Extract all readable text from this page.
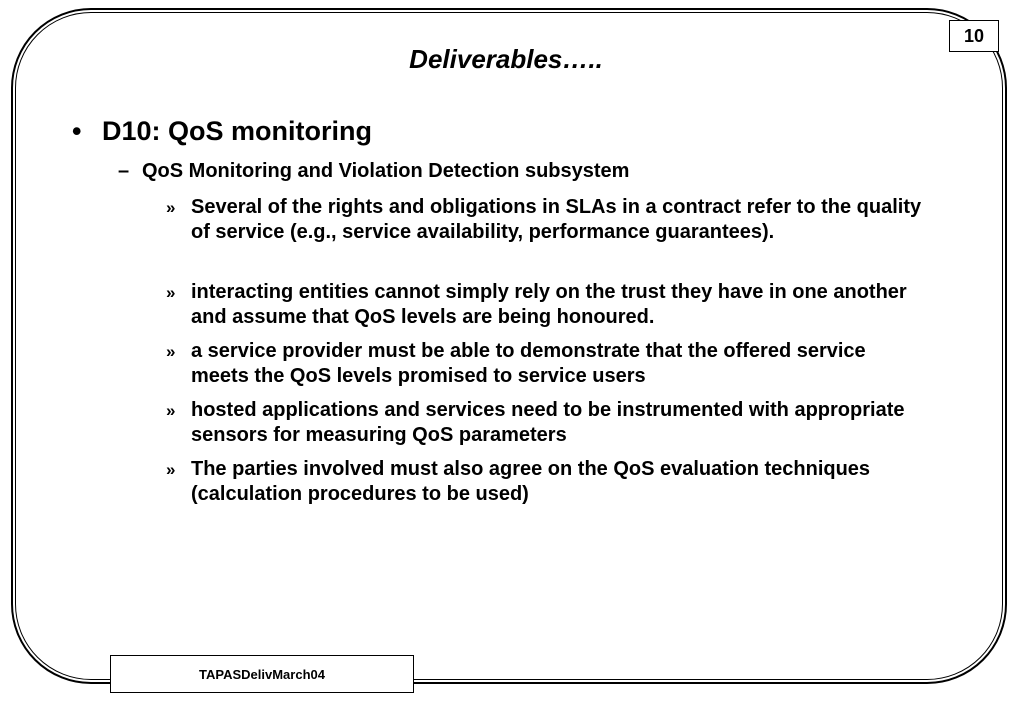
10
Deliverables…..
• D10: QoS monitoring
– QoS Monitoring and Violation Detection subsystem
» Several of the rights and obligations in SLAs in a contract refer to the quality of service (e.g., service availability, performance guarantees).
» interacting entities cannot simply rely on the trust they have in one another and assume that QoS levels are being honoured.
» a service provider must be able to demonstrate that the offered service meets the QoS levels promised to service users
» hosted applications and services need to be instrumented with appropriate sensors for measuring QoS parameters
» The parties involved must also agree on the QoS evaluation techniques (calculation procedures to be used)
TAPASDelivMarch04
